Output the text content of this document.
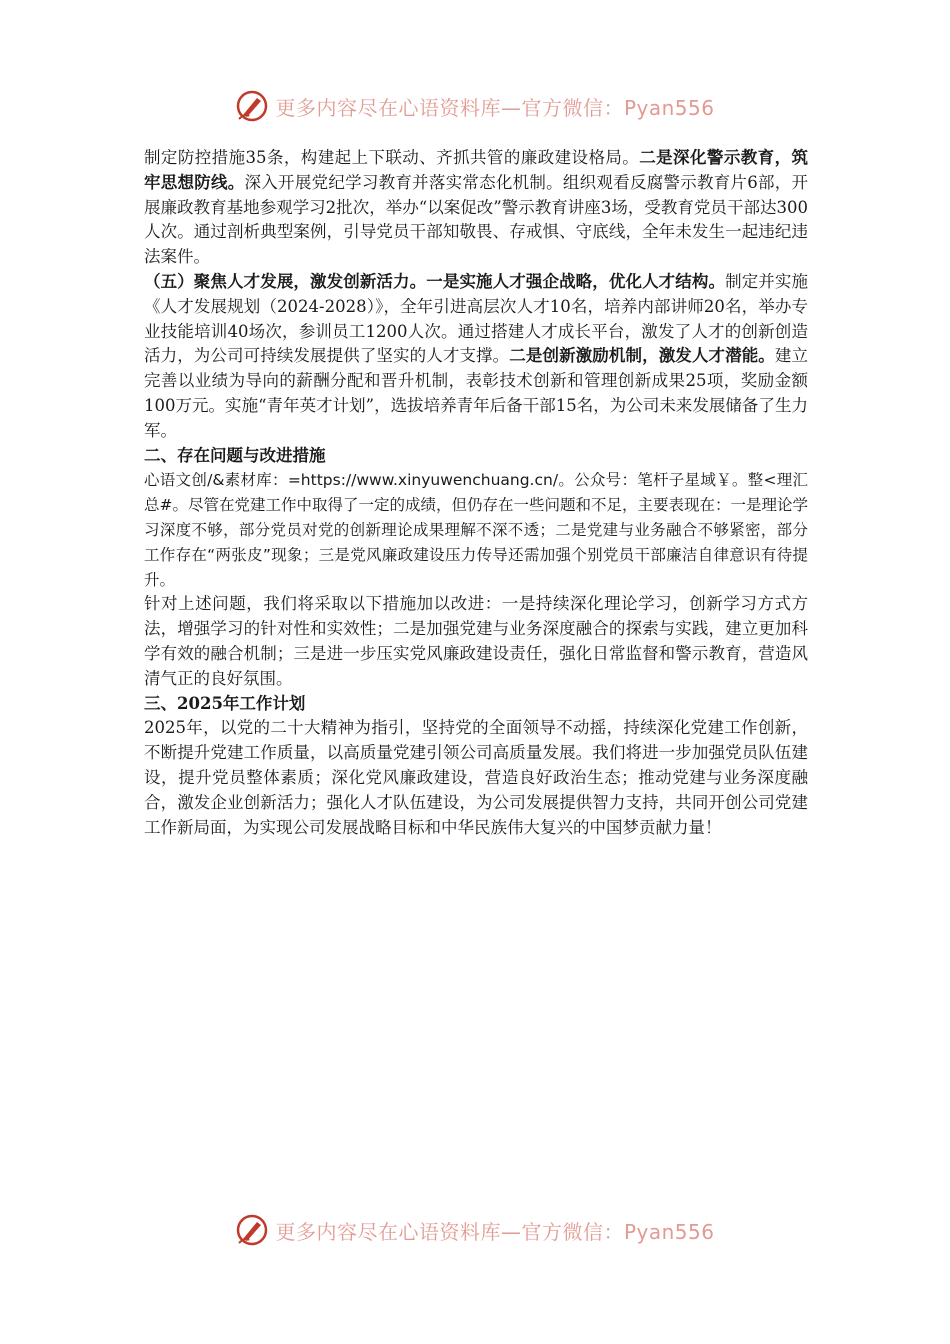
更多内容尽在心语资料库—官方微信：Pyan556

制定防控措施35条，构建起上下联动、齐抓共管的廉政建设格局。二是深化警示教育，筑牢思想防线。深入开展党纪学习教育并落实常态化机制。组织观看反腐警示教育片6部，开展廉政教育基地参观学习2批次，举办“以案促改”警示教育讲座3场，受教育党员干部达300人次。通过剖析典型案例，引导党员干部知敬畏、存戒惧、守底线，全年未发生一起违纪违法案件。

（五）聚焦人才发展，激发创新活力。一是实施人才强企战略，优化人才结构。制定并实施《人才发展规划（2024-2028）》，全年引进高层次人才10名，培养内部讲师20名，举办专业技能培训40场次，参训员工1200人次。通过搭建人才成长平台，激发了人才的创新创造活力，为公司可持续发展提供了坚实的人才支撑。二是创新激励机制，激发人才潜能。建立完善以业绩为导向的薪酬分配和晋升机制，表彰技术创新和管理创新成果25项，奖励金额100万元。实施“青年英才计划”，选拔培养青年后备干部15名，为公司未来发展储备了生力军。

二、存在问题与改进措施

心语文创/&素材库：=https://www.xinyuwenchuang.cn/。公众号：笔杆子星域￥。整<理汇总#。尽管在党建工作中取得了一定的成绩，但仍存在一些问题和不足，主要表现在：一是理论学习深度不够，部分党员对党的创新理论成果理解不深不透；二是党建与业务融合不够紧密，部分工作存在“两张皮”现象；三是党风廉政建设压力传导还需加强个别党员干部廉洁自律意识有待提升。

针对上述问题，我们将采取以下措施加以改进：一是持续深化理论学习，创新学习方式方法，增强学习的针对性和实效性；二是加强党建与业务深度融合的探索与实践，建立更加科学有效的融合机制；三是进一步压实党风廉政建设责任，强化日常监督和警示教育，营造风清气正的良好氛围。

三、2025年工作计划

2025年，以党的二十大精神为指引，坚持党的全面领导不动摇，持续深化党建工作创新，不断提升党建工作质量，以高质量党建引领公司高质量发展。我们将进一步加强党员队伍建设，提升党员整体素质；深化党风廉政建设，营造良好政治生态；推动党建与业务深度融合，激发企业创新活力；强化人才队伍建设，为公司发展提供智力支持，共同开创公司党建工作新局面，为实现公司发展战略目标和中华民族伟大复兴的中国梦贡献力量！

更多内容尽在心语资料库—官方微信：Pyan556
